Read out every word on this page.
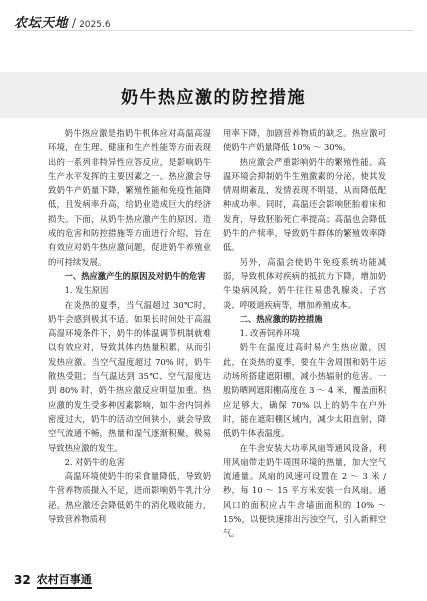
农坛天地 / 2025.6
奶牛热应激的防控措施

奶牛热应激是指奶牛机体应对高温高湿环境，在生理、健康和生产性能等方面表现出的一系列非特异性应答反应，是影响奶牛生产水平发挥的主要因素之一。热应激会导致奶牛产奶量下降，繁殖性能和免疫性能降低，且发病率升高，给奶业造成巨大的经济损失。下面，从奶牛热应激产生的原因、造成的危害和防控措施等方面进行介绍，旨在有效应对奶牛热应激问题，促进奶牛养殖业的可持续发展。

一、热应激产生的原因及对奶牛的危害

1. 发生原因

在炎热的夏季，当气温超过 30℃时，奶牛会感到极其不适。如果长时间处于高温高湿环境条件下，奶牛的体温调节机制就难以有效应对，导致其体内热量积累，从而引发热应激。当空气湿度超过 70% 时，奶牛散热受阻；当气温达到 35℃、空气湿度达到 80% 时，奶牛热应激反应明显加重。热应激的发生受多种因素影响，如牛舍内饲养密度过大，奶牛的活动空间狭小，就会导致空气流通不畅，热量和湿气逐渐积聚，极易导致热应激的发生。

2. 对奶牛的危害

高温环境使奶牛的采食量降低，导致奶牛营养物质摄入不足，进而影响奶牛乳汁分泌。热应激还会降低奶牛的消化吸收能力，导致营养物质利

用率下降，加剧营养物质的缺乏。热应激可使奶牛产奶量降低 10% ～ 30%。

热应激会严重影响奶牛的繁殖性能。高温环境会抑制奶牛生殖激素的分泌，使其发情周期紊乱，发情表现不明显，从而降低配种成功率。同时，高温还会影响胚胎着床和发育，导致胚胎死亡率提高；高温也会降低奶牛的产犊率，导致奶牛群体的繁殖效率降低。

另外，高温会使奶牛免疫系统功能减弱，导致机体对疾病的抵抗力下降，增加奶牛染病风险，奶牛往往易患乳腺炎、子宫炎、呼吸道疾病等，增加养殖成本。

二、热应激的防控措施

1. 改善饲养环境

奶牛在温度过高时易产生热应激，因此，在炎热的夏季，要在牛舍周围和奶牛运动场所搭建遮阳棚，减小热辐射的危害。一般防晒网遮阳棚高度在 3 ～ 4 米，覆盖面积应足够大，确保 70% 以上的奶牛在户外时，能在遮阳棚区域内，减少太阳直射，降低奶牛体表温度。

在牛舍安装大功率风扇等通风设备，利用风扇带走奶牛周围环境的热量，加大空气流通量。风扇的风速可设置在 2 ～ 3 米 / 秒，每 10 ～ 15 平方米安装一台风扇。通风口的面积应占牛舍墙面面积的 10% ～ 15%，以便快速排出污浊空气，引入新鲜空气。

32 农村百事通
